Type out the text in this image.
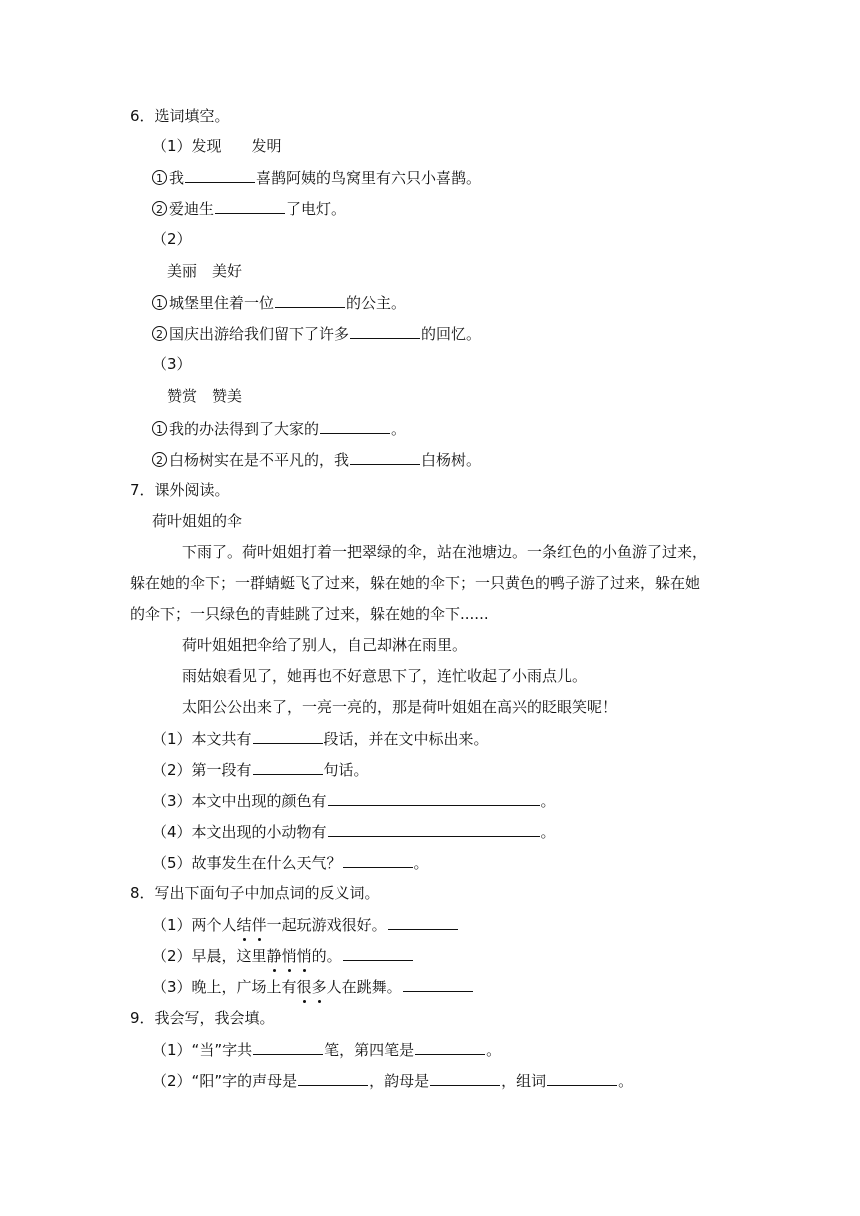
6．选词填空。
（1）发现　　发明
1 我	喜鹊阿姨的鸟窝里有六只小喜鹊。
2 爱迪生	了电灯。
（2）
美丽　美好
1 城堡里住着一位	的公主。
2 国庆出游给我们留下了许多	的回忆。
（3）
赞赏　赞美
1 我的办法得到了大家的	。
2 白杨树实在是不平凡的，我	白杨树。
7．课外阅读。
荷叶姐姐的伞
下雨了。荷叶姐姐打着一把翠绿的伞，站在池塘边。一条红色的小鱼游了过来，
躲在她的伞下；一群蜻蜓飞了过来，躲在她的伞下；一只黄色的鸭子游了过来，躲在她
的伞下；一只绿色的青蛙跳了过来，躲在她的伞下......
荷叶姐姐把伞给了别人，自己却淋在雨里。
雨姑娘看见了，她再也不好意思下了，连忙收起了小雨点儿。
太阳公公出来了，一亮一亮的，那是荷叶姐姐在高兴的眨眼笑呢！
（1）本文共有	段话，并在文中标出来。
（2）第一段有	句话。
（3）本文中出现的颜色有	。
（4）本文出现的小动物有	。
（5）故事发生在什么天气？	。
8．写出下面句子中加点词的反义词。
（1）两个人结伴一起玩游戏很好。
（2）早晨，这里静悄悄的。
（3）晚上，广场上有很多人在跳舞。
9．我会写，我会填。
（1）“当”字共	笔，第四笔是	。
（2）“阳”字的声母是	，韵母是	，组词	。
